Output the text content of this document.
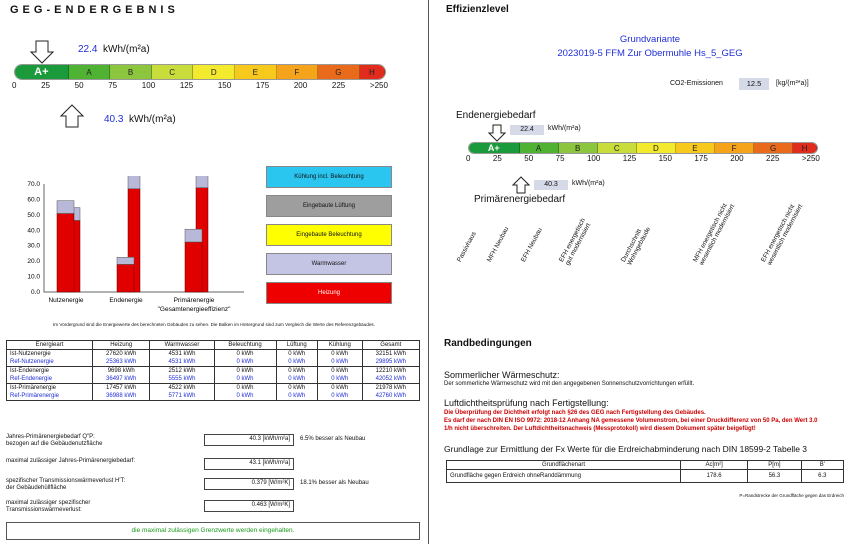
GEG-ENDERGEBNIS
22.4 kWh/(m²a)
A+	A	B	C	D	E	F	G	H
0	25	50	75	100	125	150	175	200	225	>250
40.3 kWh/(m²a)
70.0
60.0
50.0
40.0
30.0
20.0
10.0
0.0
Nutzenergie	Endenergie	Primärenergie
"Gesamtenergieeffizienz"
Kühlung incl. Beleuchtung
Eingebaute Lüftung
Eingebaute Beleuchtung
Warmwasser
Heizung
Im Vordergrund sind die Energiewerte des berechneten Gebäudes zu sehen. Die Balken im Hintergrund sind zum Vergleich die Werte des Referenzgebäudes.
Energieart	Heizung	Warmwasser	Beleuchtung	Lüftung	Kühlung	Gesamt
Ist-Nutzenergie	27620 kWh	4531 kWh	0 kWh	0 kWh	0 kWh	32151 kWh
Ref-Nutzenergie	25363 kWh	4531 kWh	0 kWh	0 kWh	0 kWh	29895 kWh
Ist-Endenergie	9698 kWh	2512 kWh	0 kWh	0 kWh	0 kWh	12210 kWh
Ref-Endenergie	36497 kWh	5555 kWh	0 kWh	0 kWh	0 kWh	42052 kWh
Ist-Primärenergie	17457 kWh	4522 kWh	0 kWh	0 kWh	0 kWh	21978 kWh
Ref-Primärenergie	36988 kWh	5771 kWh	0 kWh	0 kWh	0 kWh	42760 kWh
Jahres-Primärenergiebedarf Q"P:
bezogen auf die Gebäudenutzfläche
40.3 [kWh/m²a]	6.5% besser als Neubau
maximal zulässiger Jahres-Primärenergiebedarf:	43.1 [kWh/m²a]
spezifischer Transmissionswärmeverlust H'T:
der Gebäudehüllfläche
0.379 [W/m²K]	18.1% besser als Neubau
maximal zulässiger spezifischer
Transmissionswärmeverlust:
0.463 [W/m²K]
die maximal zulässigen Grenzwerte werden eingehalten.
Effizienzlevel
Grundvariante
2023019-5 FFM Zur Obermuhle Hs_5_GEG
CO2-Emissionen	12.5	[kg/(m²*a)]
Endenergiebedarf
22.4	kWh/(m²a)
A+	A	B	C	D	E	F	G	H
0	25	50	75	100	125	150	175	200	225	>250
40.3	kWh/(m²a)
Primärenergiebedarf
Passivhaus MFH Neubau EFH Neubau EFH energetisch
gut modernisiert	Durchschnitt
Wohngebäude	MFH energetisch nicht
wesentlich modernisiert	EFH energetisch nicht
wesentlich modernisiert
Randbedingungen
Sommerlicher Wärmeschutz:
Der sommerliche Wärmeschutz wird mit den angegebenen Sonnenschutzvorrichtungen erfüllt.
Luftdichtheitsprüfung nach Fertigstellung:
Die Überprüfung der Dichtheit erfolgt nach §26 des GEG nach Fertigstellung des Gebäudes.
Es darf der nach DIN EN ISO 9972: 2018-12 Anhang NA gemessene Volumenstrom, bei einer Druckdifferenz von 50 Pa, den Wert 3.0
1/h nicht überschreiten. Der Luftdichtheitsnachweis (Messprotokoll) wird diesem Dokument später beigefügt!
Grundlage zur Ermittlung der Fx Werte für die Erdreichabminderung nach DIN 18599-2 Tabelle 3
Grundflächenart	Ac[m²]	P[m]	B'
Grundfläche gegen Erdreich ohneRanddämmung	178.6	56.3	6.3
P=Randstrecke der Grundfläche gegen das Erdreich
